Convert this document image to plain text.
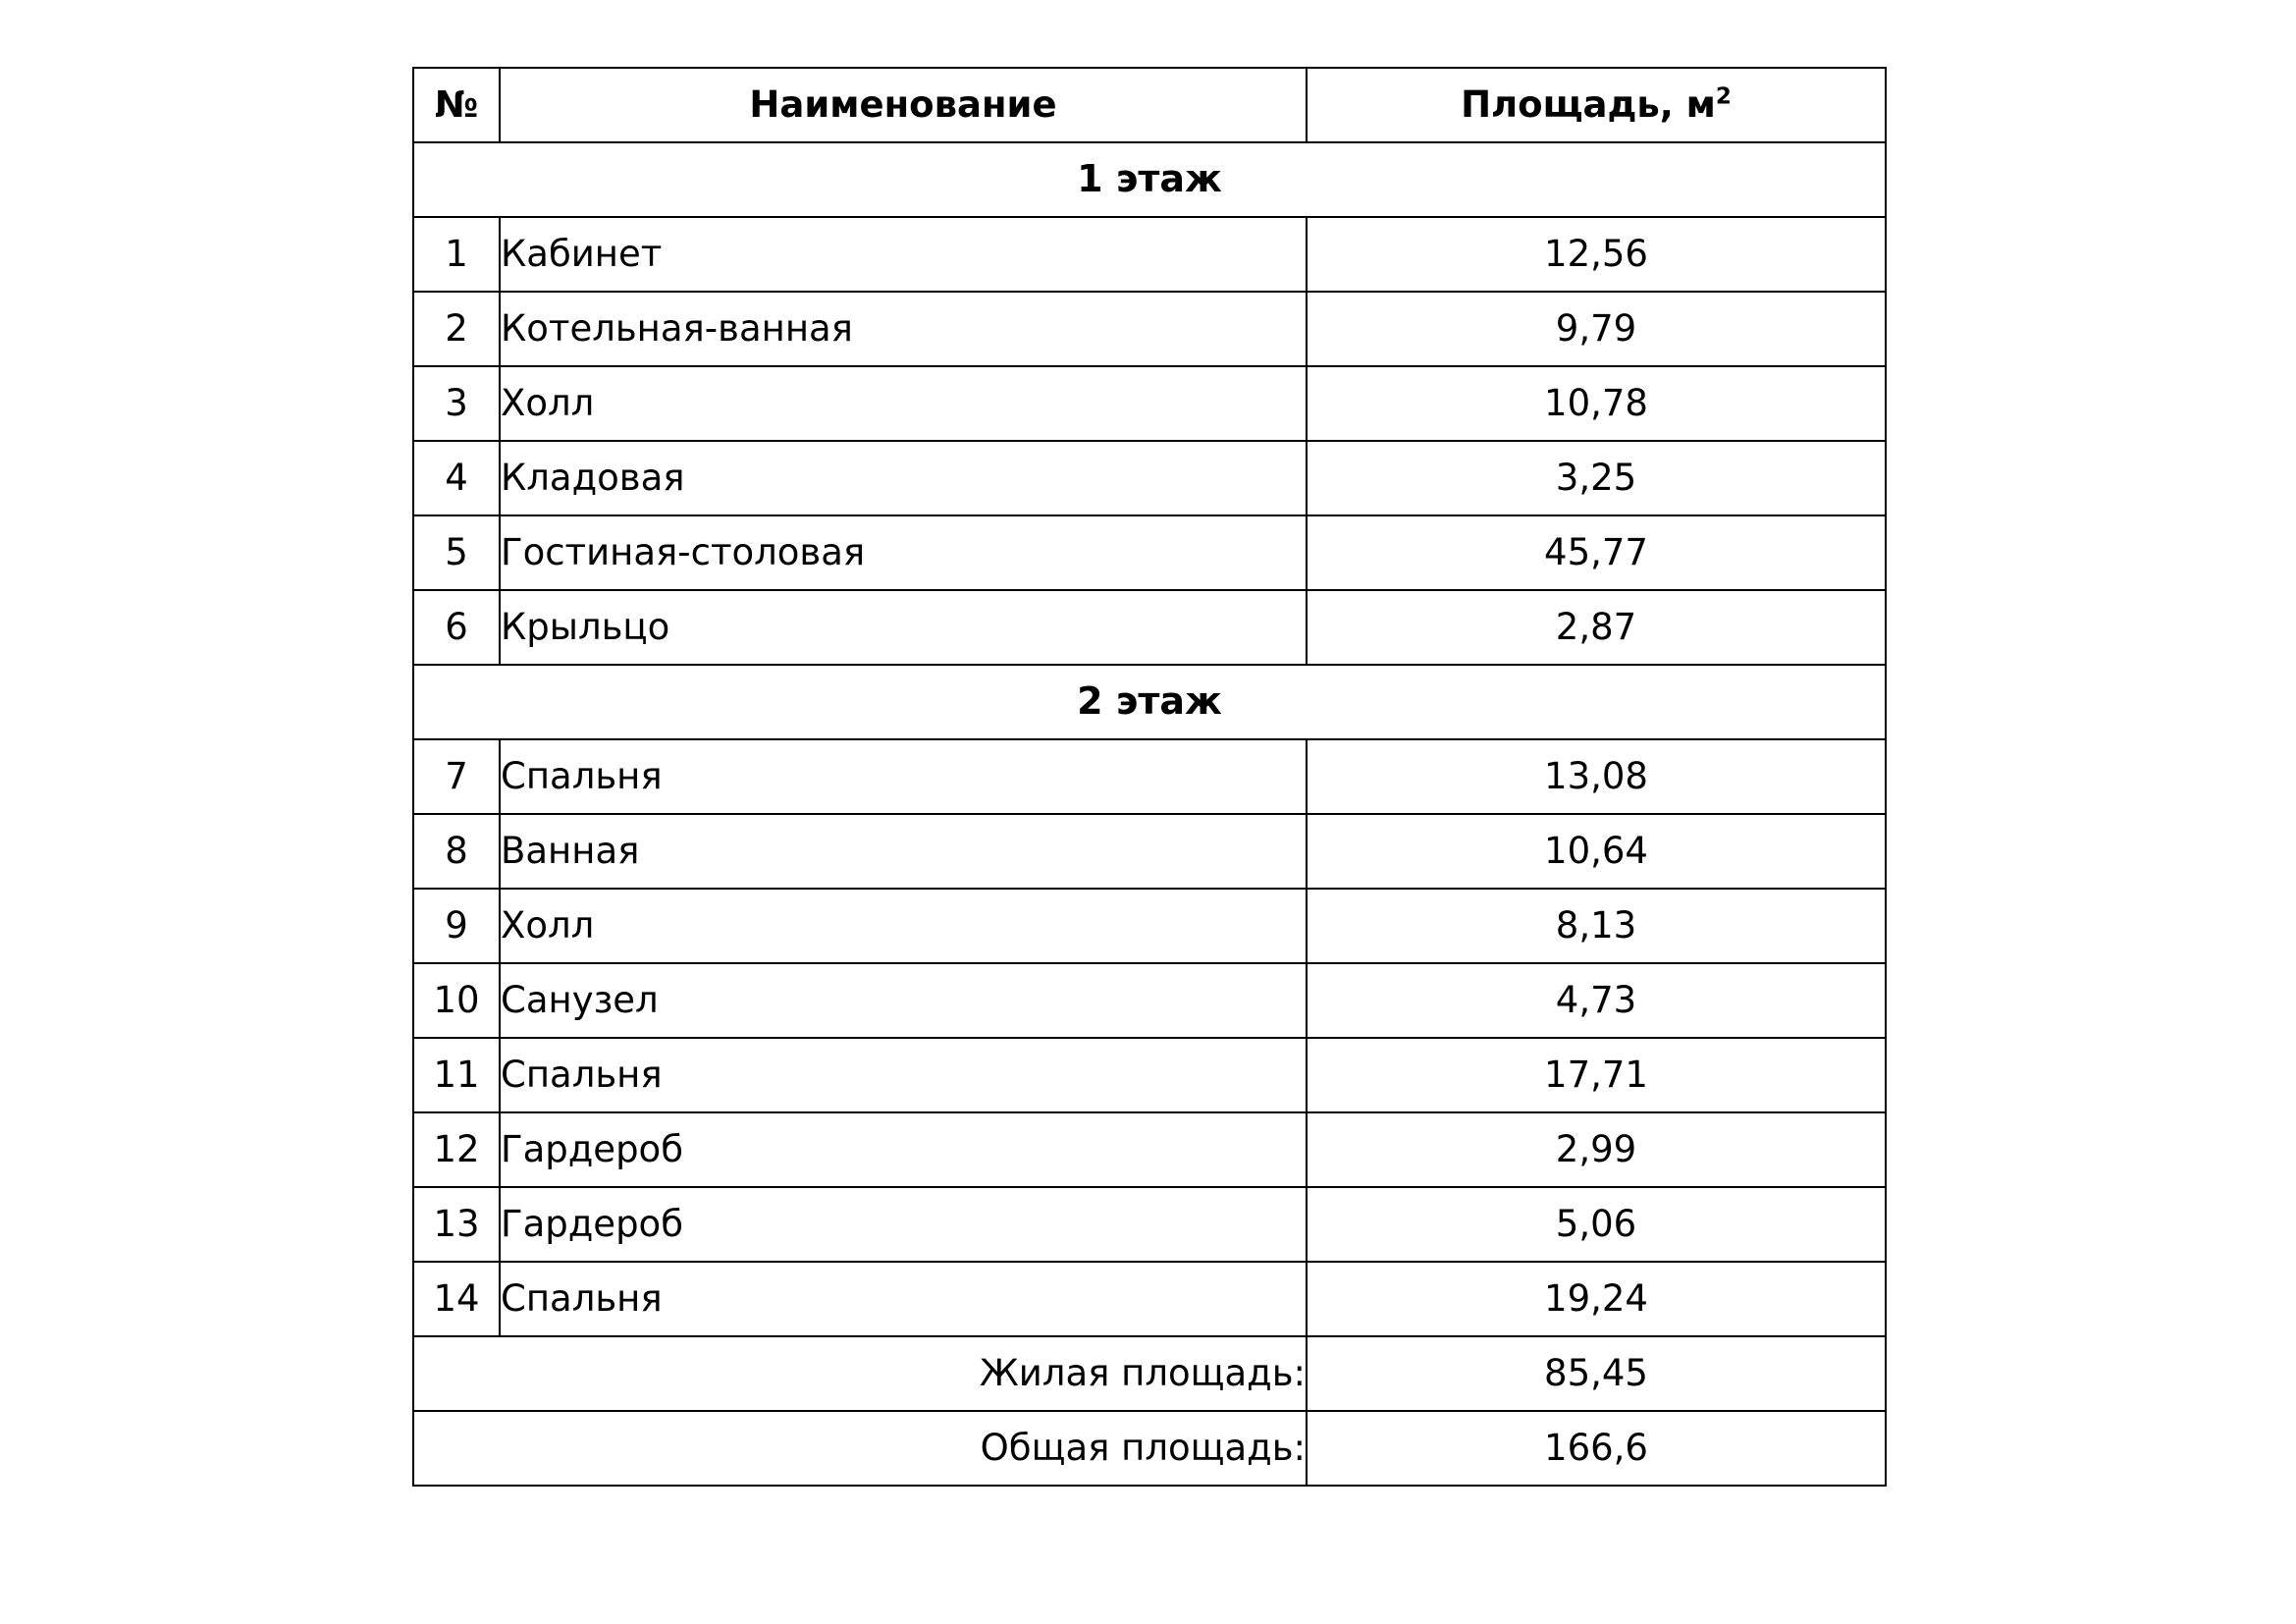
№	Наименование	Площадь, $м^2$
1 этаж		
1	Кабинет	12,56
2	Котельная-ванная	9,79
3	Холл	10,78
4	Кладовая	3,25
5	Гостиная-столовая	45,77
6	Крыльцо	2,87
2 этаж		
7	Спальня	13,08
8	Ванная	10,64
9	Холл	8,13
10	Санузел	4,73
11	Спальня	17,71
12	Гардероб	2,99
13	Гардероб	5,06
14	Спальня	19,24
Жилая площадь:		85,45
Общая площадь:		166,6
